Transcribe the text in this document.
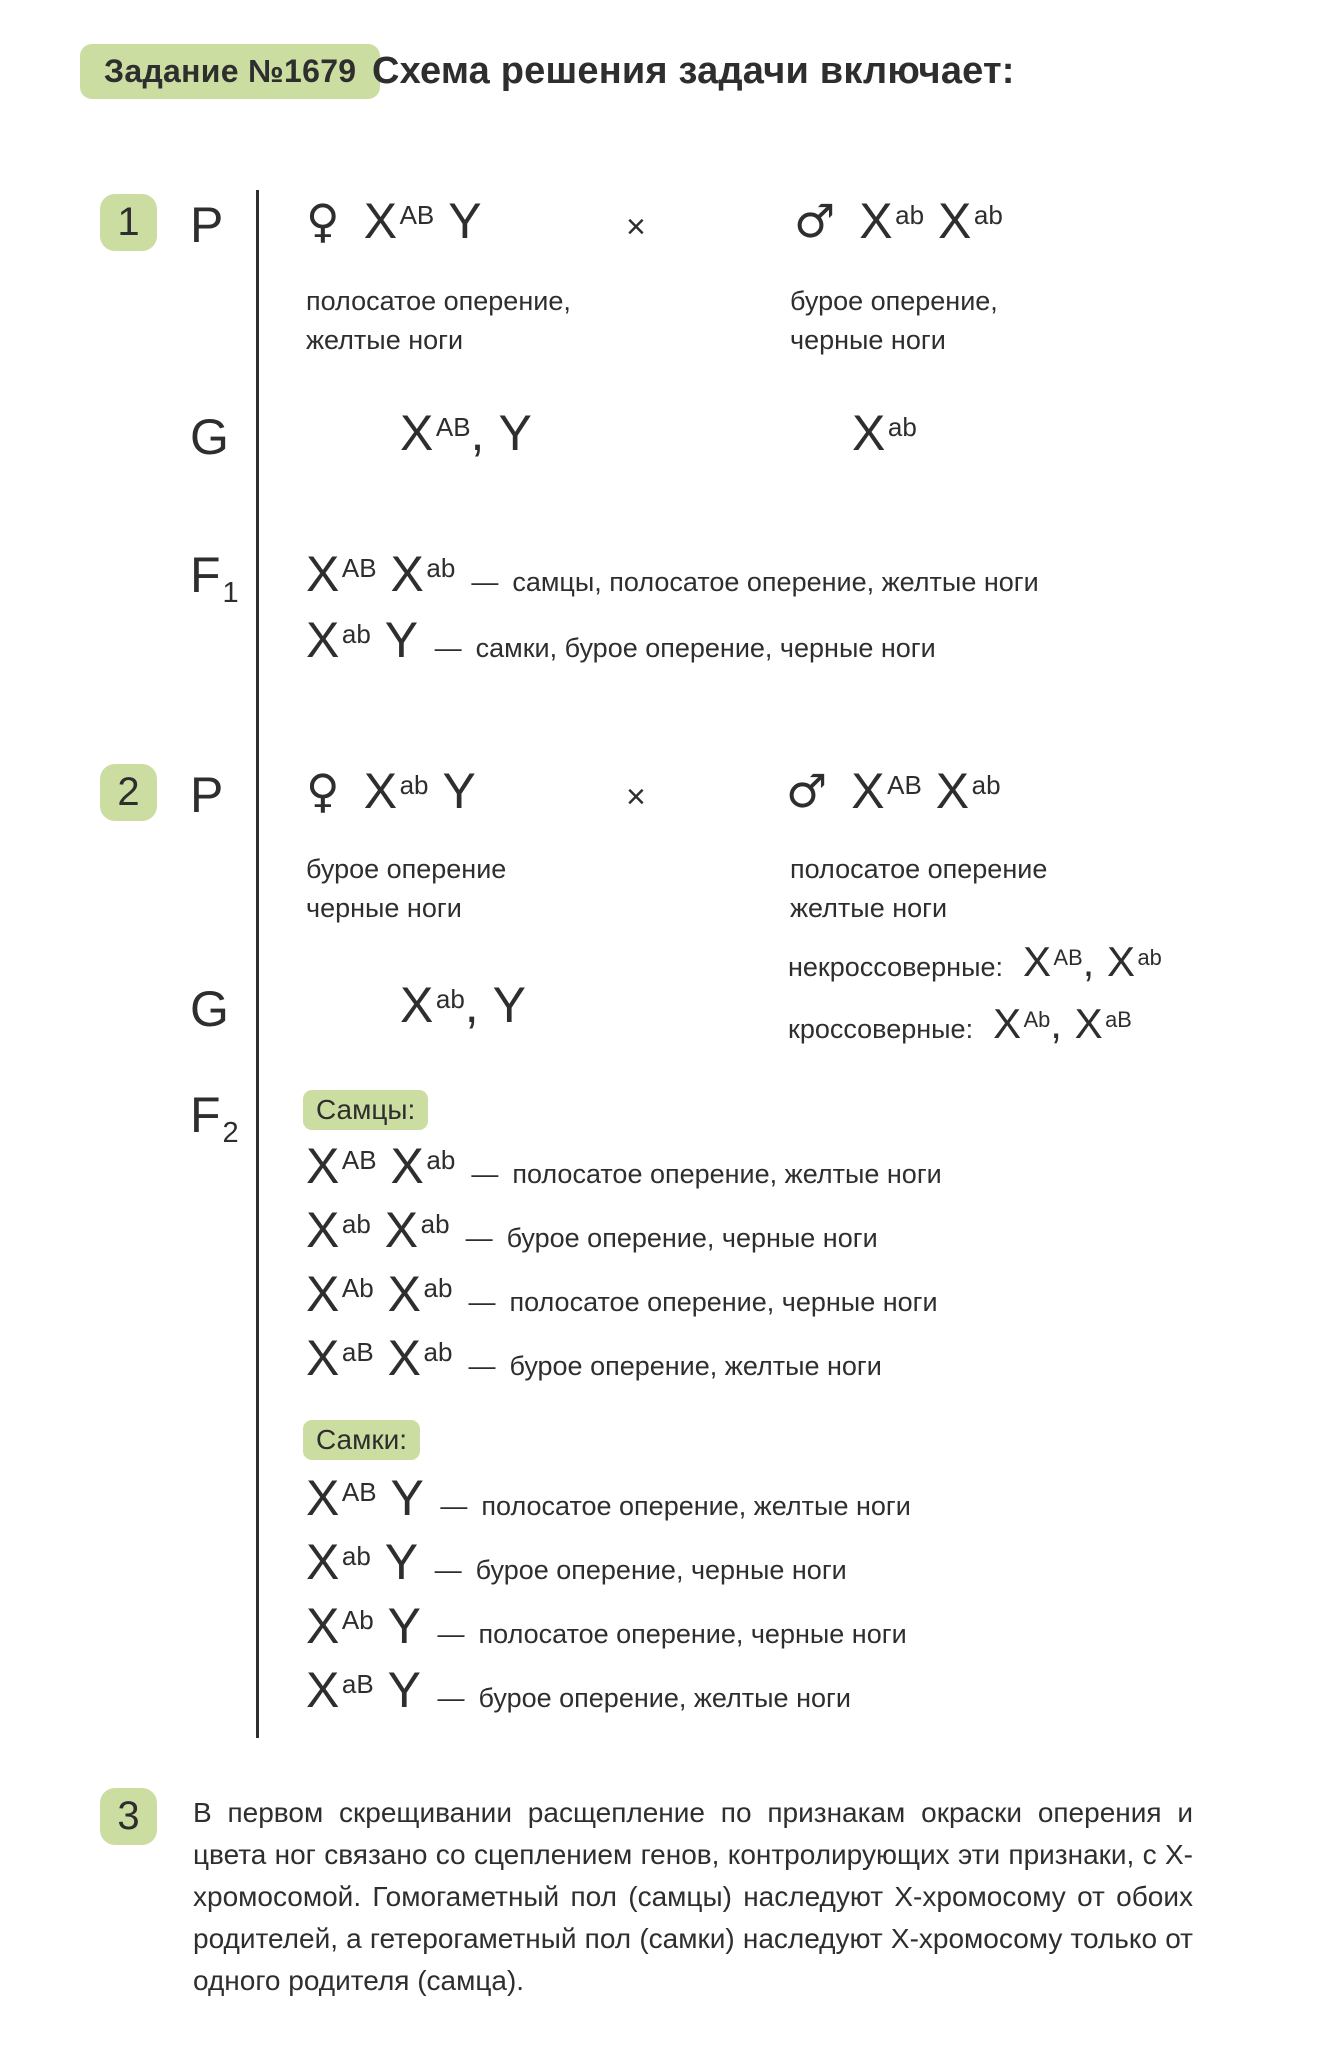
Задание №1679 Схема решения задачи включает:
1	P ♀ $X^{AB}$ Y	×	♂ $X^{ab}$ $X^{ab}$
полосатое оперение,
желтые ноги
бурое оперение,
черные ноги
G	$X^{AB}$, Y	$X^{ab}$
F1 $X^{AB}$ $X^{ab}$ — самцы, полосатое оперение, желтые ноги
$X^{ab}$ Y — самки, бурое оперение, черные ноги
2	P ♀ $X^{ab}$ Y	×	♂ $X^{AB}$ $X^{ab}$
бурое оперение
черные ноги
полосатое оперение
желтые ноги
G	$X^{ab}$, Y
некроссоверные: $X^{AB}$, $X^{ab}$
кроссоверные: $X^{Ab}$, $X^{aB}$
F2
Самцы:
$X^{AB}$ $X^{ab}$ — полосатое оперение, желтые ноги
$X^{ab}$ $X^{ab}$ — бурое оперение, черные ноги
$X^{Ab}$ $X^{ab}$ — полосатое оперение, черные ноги
$X^{aB}$ $X^{ab}$ — бурое оперение, желтые ноги
Самки:
$X^{AB}$ Y — полосатое оперение, желтые ноги
$X^{ab}$ Y — бурое оперение, черные ноги
$X^{Ab}$ Y — полосатое оперение, черные ноги
$X^{aB}$ Y — бурое оперение, желтые ноги
3	В первом скрещивании расщепление по признакам окраски оперения и цвета ног связано со сцеплением генов, контролирующих эти признаки, с Х-хромосомой. Гомогаметный пол (самцы) наследуют Х-хромосому от обоих родителей, а гетерогаметный пол (самки) наследуют Х-хромосому только от одного родителя (самца).
